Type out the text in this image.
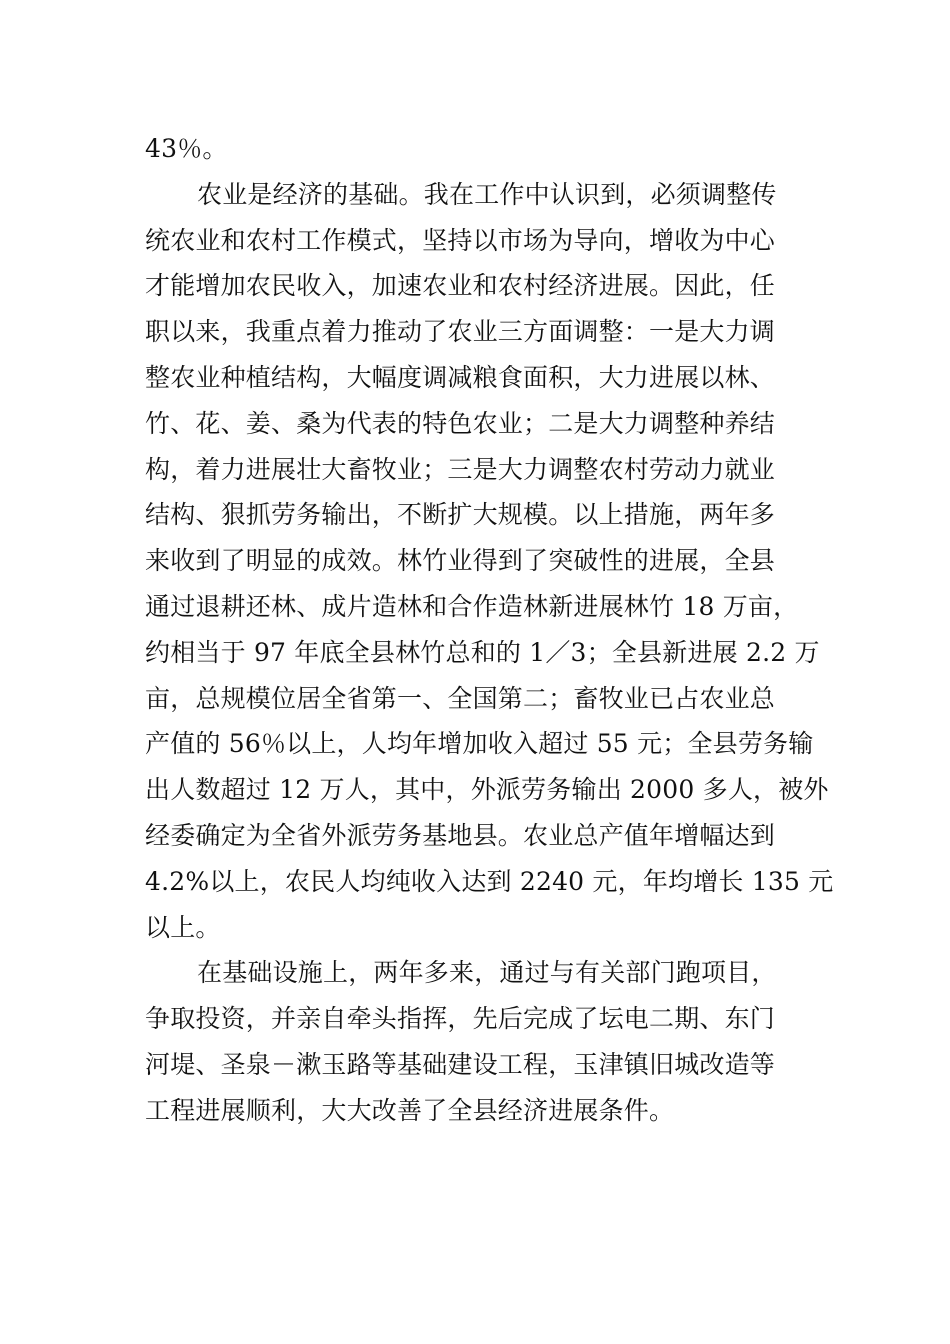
43％。
农业是经济的基础。我在工作中认识到，必须调整传
统农业和农村工作模式，坚持以市场为导向，增收为中心
才能增加农民收入，加速农业和农村经济进展。因此，任
职以来，我重点着力推动了农业三方面调整：一是大力调
整农业种植结构，大幅度调减粮食面积，大力进展以林、
竹、花、姜、桑为代表的特色农业；二是大力调整种养结
构，着力进展壮大畜牧业；三是大力调整农村劳动力就业
结构、狠抓劳务输出，不断扩大规模。以上措施，两年多
来收到了明显的成效。林竹业得到了突破性的进展，全县
通过退耕还林、成片造林和合作造林新进展林竹 18 万亩，
约相当于 97 年底全县林竹总和的 1／3；全县新进展 2.2 万
亩，总规模位居全省第一、全国第二；畜牧业已占农业总
产值的 56％以上，人均年增加收入超过 55 元；全县劳务输
出人数超过 12 万人，其中，外派劳务输出 2000 多人，被外
经委确定为全省外派劳务基地县。农业总产值年增幅达到
4.2%以上，农民人均纯收入达到 2240 元，年均增长 135 元
以上。
在基础设施上，两年多来，通过与有关部门跑项目，
争取投资，并亲自牵头指挥，先后完成了坛电二期、东门
河堤、圣泉－漱玉路等基础建设工程，玉津镇旧城改造等
工程进展顺利，大大改善了全县经济进展条件。
